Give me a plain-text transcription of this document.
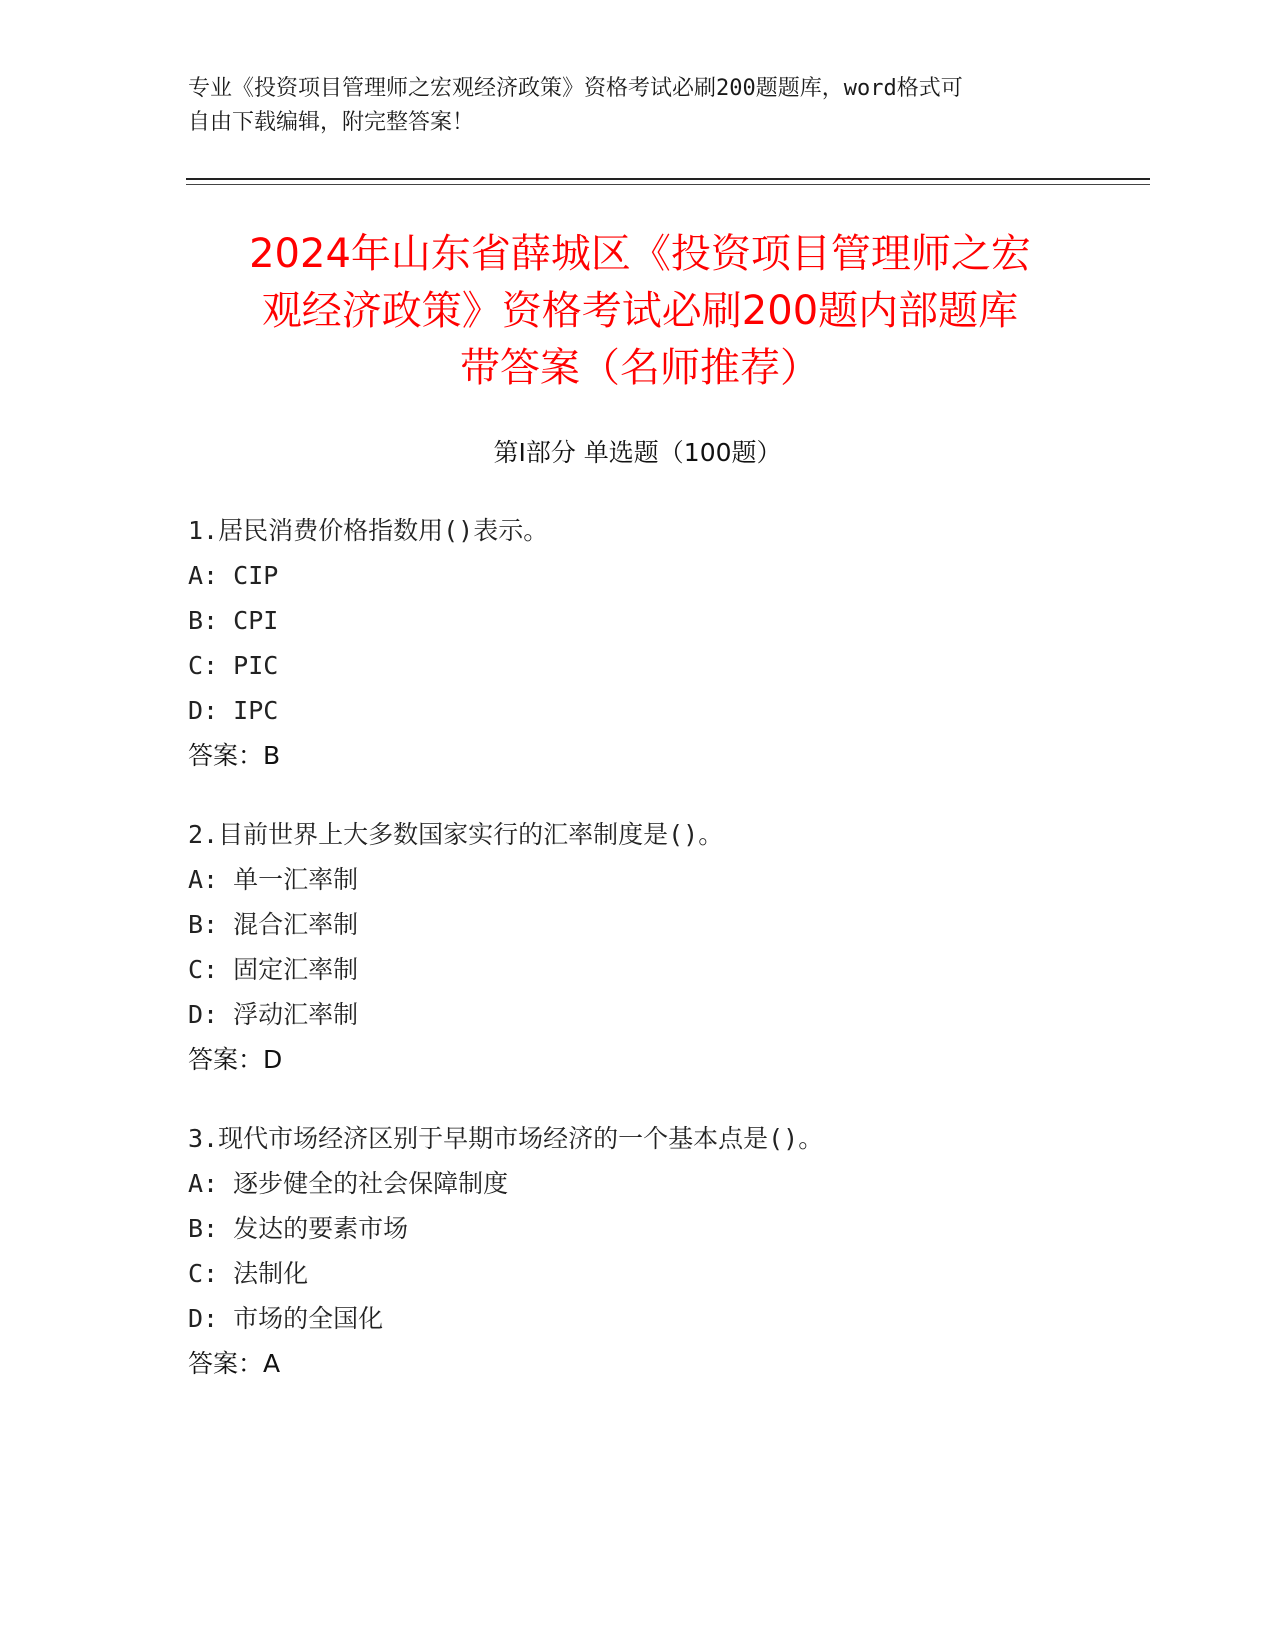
专业《投资项目管理师之宏观经济政策》资格考试必刷200题题库，word格式可
自由下载编辑，附完整答案！
2024年山东省薛城区《投资项目管理师之宏
观经济政策》资格考试必刷200题内部题库
带答案（名师推荐）
第Ⅰ部分 单选题（100题）
1.居民消费价格指数用()表示。
A: CIP
B: CPI
C: PIC
D: IPC
答案：B
2.目前世界上大多数国家实行的汇率制度是()。
A: 单一汇率制
B: 混合汇率制
C: 固定汇率制
D: 浮动汇率制
答案：D
3.现代市场经济区别于早期市场经济的一个基本点是()。
A: 逐步健全的社会保障制度
B: 发达的要素市场
C: 法制化
D: 市场的全国化
答案：A
